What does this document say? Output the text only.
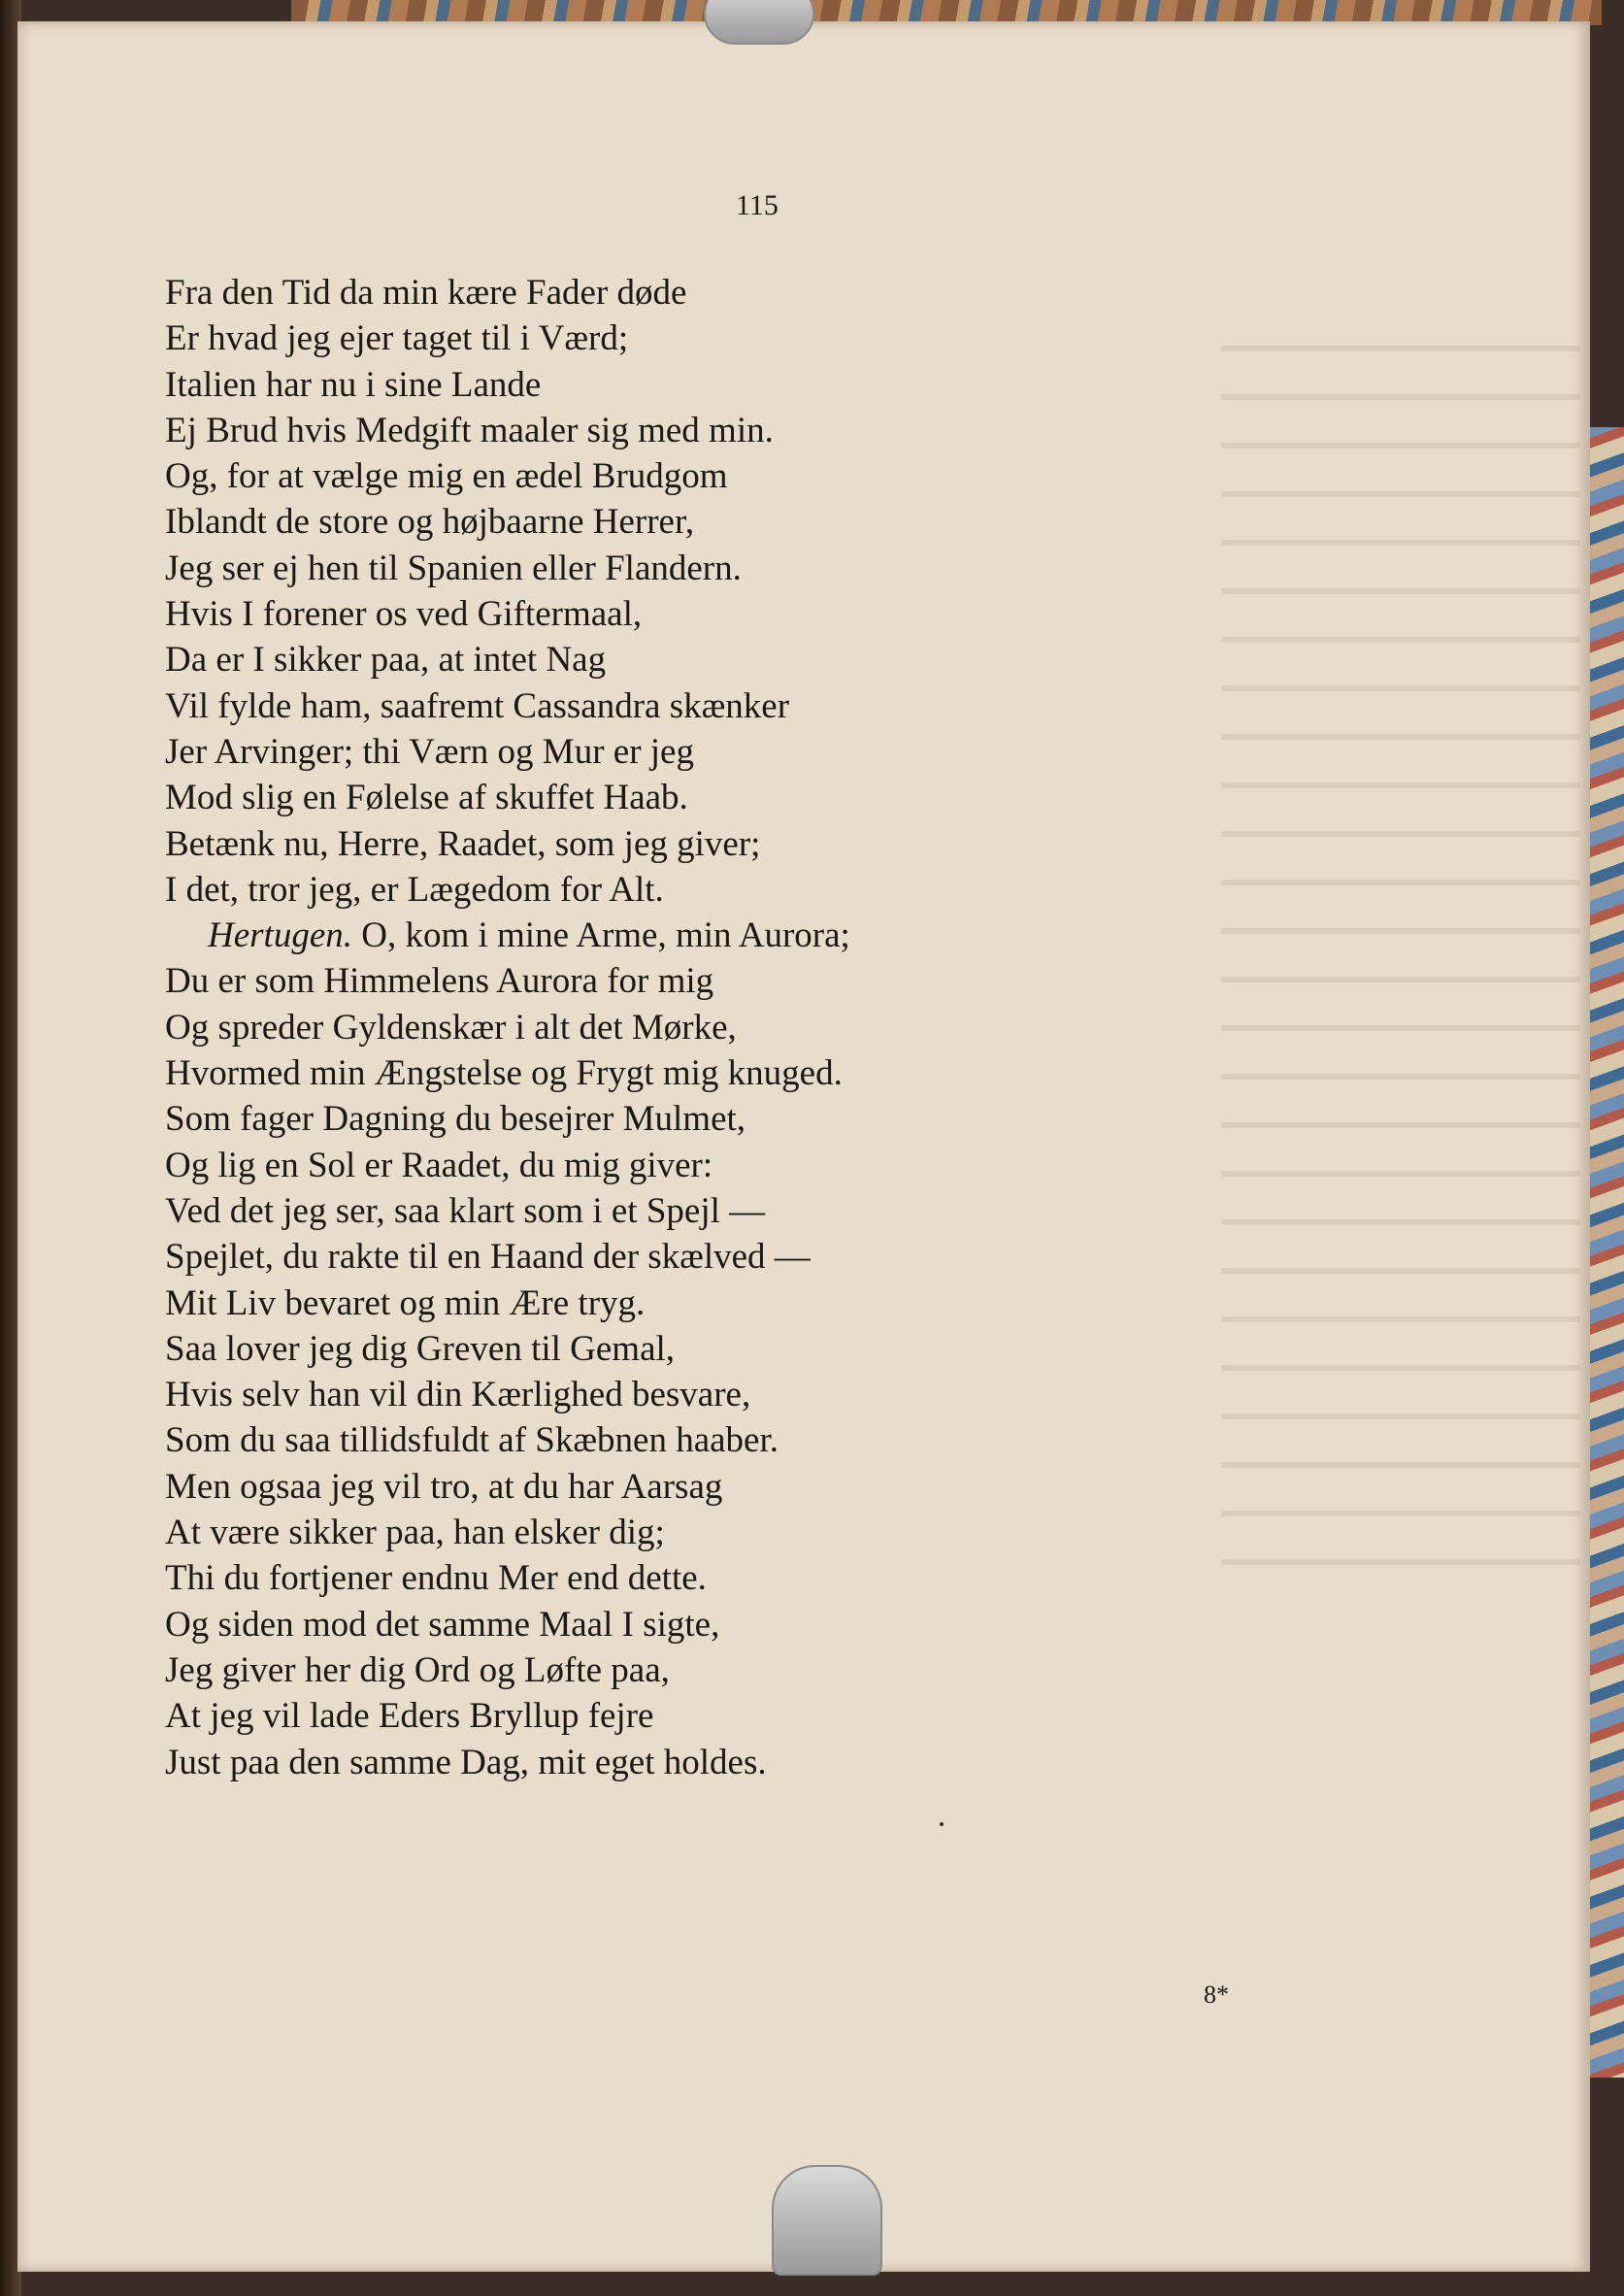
115
Fra den Tid da min kære Fader døde
Er hvad jeg ejer taget til i Værd;
Italien har nu i sine Lande
Ej Brud hvis Medgift maaler sig med min.
Og, for at vælge mig en ædel Brudgom
Iblandt de store og højbaarne Herrer,
Jeg ser ej hen til Spanien eller Flandern.
Hvis I forener os ved Giftermaal,
Da er I sikker paa, at intet Nag
Vil fylde ham, saafremt Cassandra skænker
Jer Arvinger; thi Værn og Mur er jeg
Mod slig en Følelse af skuffet Haab.
Betænk nu, Herre, Raadet, som jeg giver;
I det, tror jeg, er Lægedom for Alt.
Hertugen. O, kom i mine Arme, min Aurora;
Du er som Himmelens Aurora for mig
Og spreder Gyldenskær i alt det Mørke,
Hvormed min Ængstelse og Frygt mig knuged.
Som fager Dagning du besejrer Mulmet,
Og lig en Sol er Raadet, du mig giver:
Ved det jeg ser, saa klart som i et Spejl —
Spejlet, du rakte til en Haand der skælved —
Mit Liv bevaret og min Ære tryg.
Saa lover jeg dig Greven til Gemal,
Hvis selv han vil din Kærlighed besvare,
Som du saa tillidsfuldt af Skæbnen haaber.
Men ogsaa jeg vil tro, at du har Aarsag
At være sikker paa, han elsker dig;
Thi du fortjener endnu Mer end dette.
Og siden mod det samme Maal I sigte,
Jeg giver her dig Ord og Løfte paa,
At jeg vil lade Eders Bryllup fejre
Just paa den samme Dag, mit eget holdes.
8*
